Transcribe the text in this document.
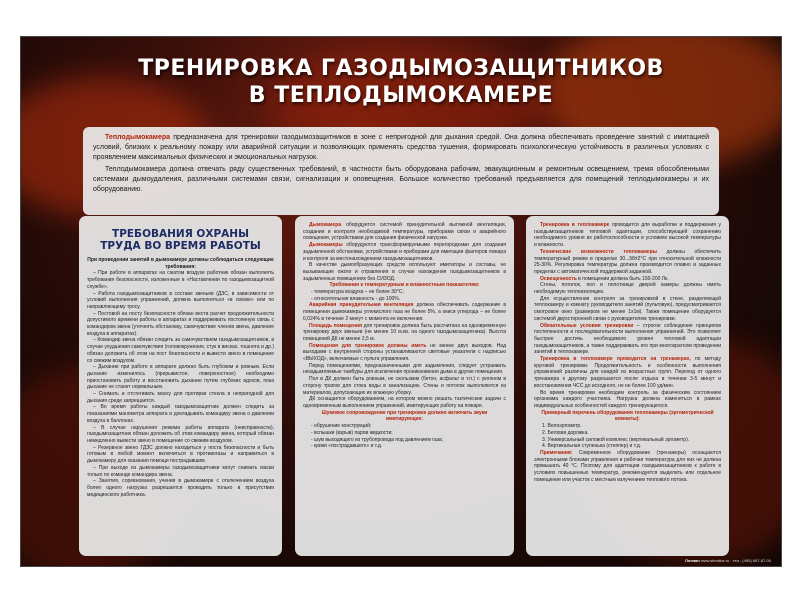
ТРЕНИРОВКА ГАЗОДЫМОЗАЩИТНИКОВ
В ТЕПЛОДЫМОКАМЕРЕ

Теплодымокамера предназначена для тренировки газодымозащитников в зоне с непригодной для дыхания средой. Она должна обеспечивать проведение занятий с имитацией условий, близких к реальному пожару или аварийной ситуации и позволяющих применять средства тушения, формировать психологическую устойчивость в различных условиях с проявлением максимальных физических и эмоциональных нагрузок.

Теплодымокамера должна отвечать ряду существенных требований, в частности быть оборудована рабочим, эвакуационным и ремонтным освещением, тремя обособленными системами дымоудаления, различными системами связи, сигнализации и оповещения. Большое количество требований предъявляется для помещений теплодымокамеры и их оборудованию.

ТРЕБОВАНИЯ ОХРАНЫ
ТРУДА ВО ВРЕМЯ РАБОТЫ

При проведении занятий в дымокамере должны соблюдаться следующие требования:

– При работе в аппаратах на сжатом воздухе работник обязан выполнять требования безопасности, изложенные в «Наставлении по газодымозащитной службе».

– Работа газодымозащитников в составе звеньев (ДЗС, в зависимости от условий выполнения упражнений, должна выполняться «в связке» или по направляющему тросу.

– Постовой на посту безопасности обязан вести расчет продолжительности допустимого времени работы в аппаратах и поддерживать постоянную связь с командиром звена (уточнять обстановку, самочувствие членов звена, давление воздуха в аппаратах).

– Командир звена обязан следить за самочувствием газодымозащитников, в случае ухудшения самочувствия (головокружение, стук в висках, тошнота и др.) обязан доложить об этом на пост безопасности и вывести звено в помещение со свежим воздухом.

– Дыхание при работе в аппарате должно быть глубоким и ровным. Если дыхание изменилось (прерывистое, поверхностное) необходимо приостановить работу и восстановить дыхание путем глубоких вдохов, пока дыхание не станет нормальным.

– Снимать и отстегивать маску для протирки стекла в непригодной для дыхания среде запрещается.

– Во время работы каждый газодымозащитник должен следить за показаниями манометра аппарата и докладывать командиру звена о давлении воздуха в баллонах.

– В случае нарушения режима работы аппарата (неисправности), газодымозащитник обязан доложить об этом командиру звена, который обязан немедленно вывести звено в помещение со свежим воздухом.

– Резервное звено ГДЗС должно находиться у поста безопасности и быть готовым в любой момент включиться в противогазы и направиться в дымокамеру для оказания помощи пострадавшим.

– При выходе из дымокамеры газодымозащитники могут снимать маски только по команде командира звена.

– Занятия, соревнования, учения в дымокамере с отключением воздуха более одного нагрузка разрешается проводить только в присутствии медицинского работника.

Дымокамера оборудуется системой принудительной вытяжной вентиляции, создания и контроля необходимой температуры, приборами связи и аварийного освещения, устройствами для создания физической нагрузки.

Дымокамеры оборудуются трансформируемыми перегородками для создания задымленной обстановки, устройствами и приборами для имитации факторов пожара и контроля за местонахождением газодымозащитников.

В качестве дымообразующих средств используют имитаторы и составы, не вызывающие ожоги и отравления в случае нахождения газодымозащитников в задымленных помещениях без СИЗОД.

Требования к температурным и влажностным показателям:

- температура воздуха – не более 30°С;

- относительная влажность - до 100%.

Аварийная принудительная вентиляция должна обеспечивать содержание в помещении дымокамеры углекислого газа не более 5%, а окиси углерода – не более 0,024% в течение 2 минут с момента ее включения.

Площадь помещения для тренировок должна быть рассчитана на одновременную тренировку двух звеньев (не менее 10 м.кв. на одного газодымозащитника). Высота помещений ДК не менее 2,5 м.

Помещения для тренировок должны иметь не менее двух выходов. Над выходами с внутренней стороны устанавливаются световые указатели с надписью «ВЫХОД», включаемые с пульта управления.

Перед помещениями, предназначенными для задымления, следует устраивать незадымляемые тамбуры для исключения проникновения дыма в другие помещения.

Пол в ДК должен быть ровным, не скользким (бетон, асфальт и т.п.) с уклоном в сторону трапов для стока воды в канализацию. Стены и потолок выполняются из материалов, допускающих их влажную уборку.

ДК оснащается оборудованием, на котором можно решать тактические задачи с одновременным выполнением упражнений, имитирующих работу на пожаре.

Шумовое сопровождение при тренировке должно включать звуки имитирующие:

- обрушение конструкций;

- вспышки (взрыв) паров жидкости;

- шум выходящего из трубопровода под давлением газа;

- крики «пострадавшего» и т.д.

Тренировка в теплокамере проводится для выработки и поддержания у газодымозащитников тепловой адаптации, способствующей сохранению необходимого уровня их работоспособности в условиях высокой температуры и влажности.

Технические возможности теплокамеры должны обеспечить температурный режим в пределах 30...58±2°С при относительной влажности 25-30%. Регулировка температуры должна производится плавно в заданных пределах с автоматической поддержкой заданной.

Освещенность в помещении должна быть 150-200 Лк.

Стены, потолок, пол и полотнище дверей камеры должны иметь необходимую теплоизоляцию.

Для осуществления контроля за тренировкой в стене, разделяющей теплокамеру и комнату руководителя занятий (пультовую), предусматривается смотровое окно (размером не менее 1х1м). Также помещение оборудуется системой двухсторонней связи с руководителем тренировки.

Обязательные условия тренировки – строгое соблюдение принципов постепенности и последовательности выполнения упражнений. Это позволяет быстрее достичь необходимого уровня тепловой адаптации газодымозащитников, а также поддерживать его при многократном проведении занятий в теплокамере.

Тренировка в теплокамере проводится на тренажерах, по методу круговой тренировки. Продолжительность и особенности выполнения упражнений различны для каждой из возрастных групп. Переход от одного тренажера к другому разрешается после отдыха в течении 3-5 минут и восстановления ЧСС до исходного, но не более 100 уд/мин.

Во время тренировки необходим контроль за физическим состоянием организма каждого участника. Нагрузка должна изменяться в рамках индивидуальных особенностей каждого тренирующегося.

Примерный перечень оборудования теплокамеры (эргометрической комнаты):

1. Велоэргометр.

2. Беговая дорожка.

3. Универсальный силовой комплекс (вертикальный эргометр).

4. Вертикальная ступенька (степпер) и т.д.

Примечания: Современное оборудование (тренажеры) оснащаются электронными блоками управления и рабочая температура для них не должна превышать 40 °С. Поэтому для адаптации газодымозащитников к работе в условиях повышенных температур, рекомендуется выделить или отдельное помещение или участок с местным излучением теплового потока.

Лотман www.stendtor.ru · тел.: (495) 697-87-00
